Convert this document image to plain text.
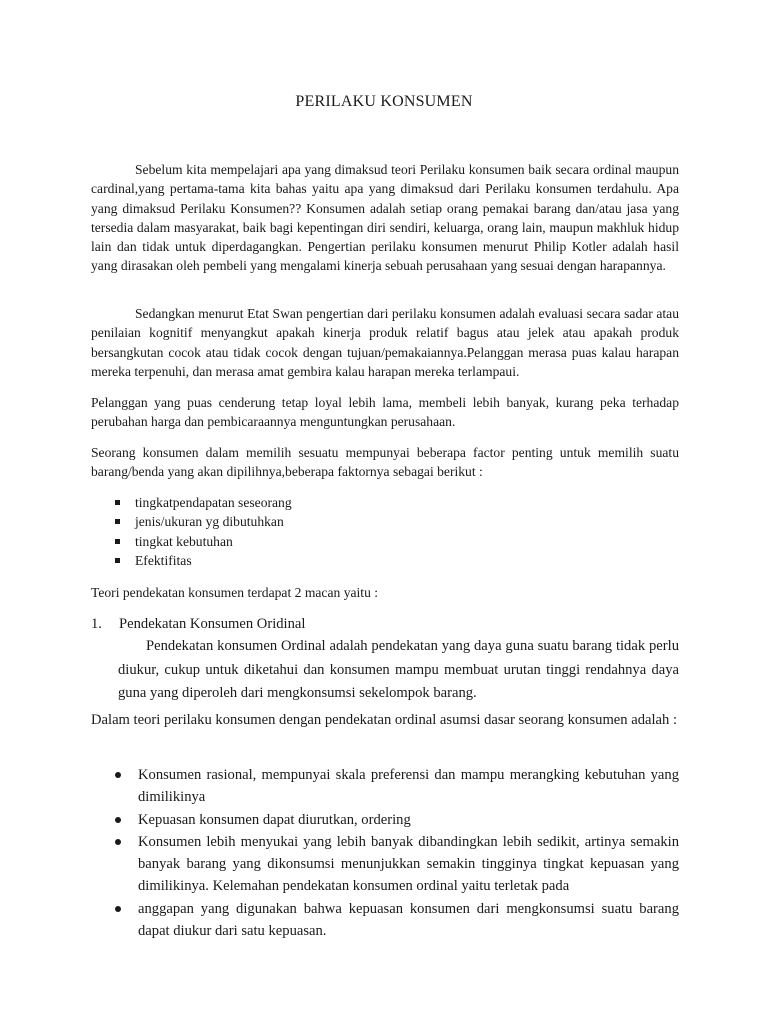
PERILAKU KONSUMEN
Sebelum kita mempelajari apa yang dimaksud teori Perilaku konsumen baik secara ordinal maupun cardinal,yang pertama-tama kita bahas yaitu apa yang dimaksud dari Perilaku konsumen terdahulu. Apa yang dimaksud Perilaku Konsumen?? Konsumen adalah setiap orang pemakai barang dan/atau jasa yang tersedia dalam masyarakat, baik bagi kepentingan diri sendiri, keluarga, orang lain, maupun makhluk hidup lain dan tidak untuk diperdagangkan. Pengertian perilaku konsumen menurut Philip Kotler adalah hasil yang dirasakan oleh pembeli yang mengalami kinerja sebuah perusahaan yang sesuai dengan harapannya.
Sedangkan menurut Etat Swan pengertian dari perilaku konsumen adalah evaluasi secara sadar atau penilaian kognitif menyangkut apakah kinerja produk relatif bagus atau jelek atau apakah produk bersangkutan cocok atau tidak cocok dengan tujuan/pemakaiannya.Pelanggan merasa puas kalau harapan mereka terpenuhi, dan merasa amat gembira kalau harapan mereka terlampaui.
Pelanggan yang puas cenderung tetap loyal lebih lama, membeli lebih banyak, kurang peka terhadap perubahan harga dan pembicaraannya menguntungkan perusahaan.
Seorang konsumen dalam memilih sesuatu mempunyai beberapa factor penting untuk memilih suatu barang/benda yang akan dipilihnya,beberapa faktornya sebagai berikut :
tingkatpendapatan seseorang
jenis/ukuran yg dibutuhkan
tingkat kebutuhan
Efektifitas
Teori pendekatan konsumen terdapat 2 macan yaitu :
1. Pendekatan Konsumen Oridinal
Pendekatan konsumen Ordinal adalah pendekatan yang daya guna suatu barang tidak perlu diukur, cukup untuk diketahui dan konsumen mampu membuat urutan tinggi rendahnya daya guna yang diperoleh dari mengkonsumsi sekelompok barang.
Dalam teori perilaku konsumen dengan pendekatan ordinal asumsi dasar seorang konsumen adalah :
Konsumen rasional, mempunyai skala preferensi dan mampu merangking kebutuhan yang dimilikinya
Kepuasan konsumen dapat diurutkan, ordering
Konsumen lebih menyukai yang lebih banyak dibandingkan lebih sedikit, artinya semakin banyak barang yang dikonsumsi menunjukkan semakin tingginya tingkat kepuasan yang dimilikinya. Kelemahan pendekatan konsumen ordinal yaitu terletak pada
anggapan yang digunakan bahwa kepuasan konsumen dari mengkonsumsi suatu barang dapat diukur dari satu kepuasan.
